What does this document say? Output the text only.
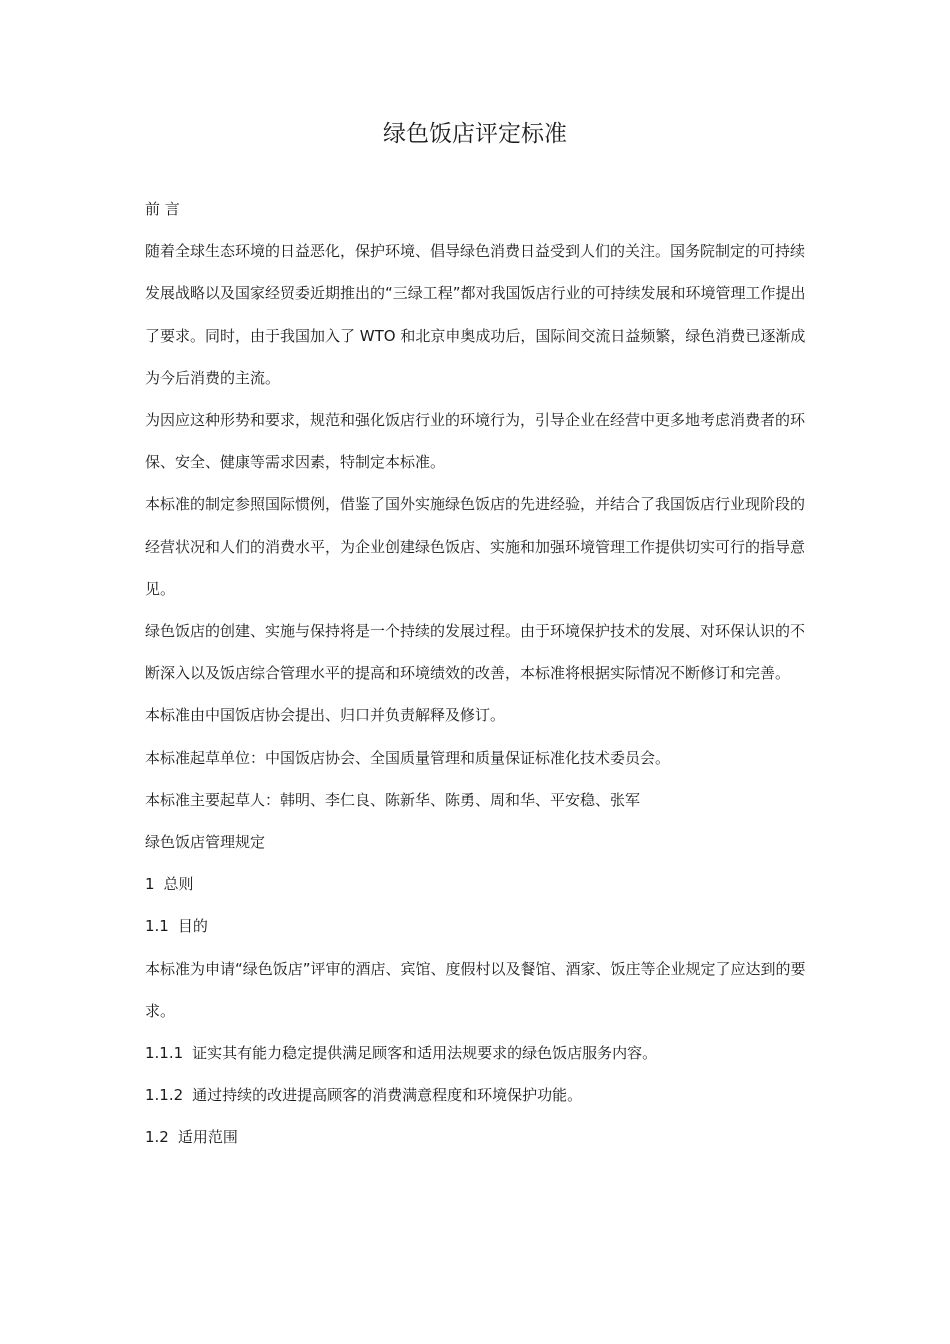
绿色饭店评定标准

前 言

随着全球生态环境的日益恶化，保护环境、倡导绿色消费日益受到人们的关注。国务院制定的可持续发展战略以及国家经贸委近期推出的“三绿工程”都对我国饭店行业的可持续发展和环境管理工作提出了要求。同时，由于我国加入了 WTO 和北京申奥成功后，国际间交流日益频繁，绿色消费已逐渐成为今后消费的主流。

为因应这种形势和要求，规范和强化饭店行业的环境行为，引导企业在经营中更多地考虑消费者的环保、安全、健康等需求因素，特制定本标准。

本标准的制定参照国际惯例，借鉴了国外实施绿色饭店的先进经验，并结合了我国饭店行业现阶段的经营状况和人们的消费水平，为企业创建绿色饭店、实施和加强环境管理工作提供切实可行的指导意见。

绿色饭店的创建、实施与保持将是一个持续的发展过程。由于环境保护技术的发展、对环保认识的不断深入以及饭店综合管理水平的提高和环境绩效的改善，本标准将根据实际情况不断修订和完善。

本标准由中国饭店协会提出、归口并负责解释及修订。

本标准起草单位：中国饭店协会、全国质量管理和质量保证标准化技术委员会。

本标准主要起草人：韩明、李仁良、陈新华、陈勇、周和华、平安稳、张军

绿色饭店管理规定

1 总则

1.1 目的

本标准为申请“绿色饭店”评审的酒店、宾馆、度假村以及餐馆、酒家、饭庄等企业规定了应达到的要求。

1.1.1 证实其有能力稳定提供满足顾客和适用法规要求的绿色饭店服务内容。

1.1.2 通过持续的改进提高顾客的消费满意程度和环境保护功能。

1.2 适用范围
